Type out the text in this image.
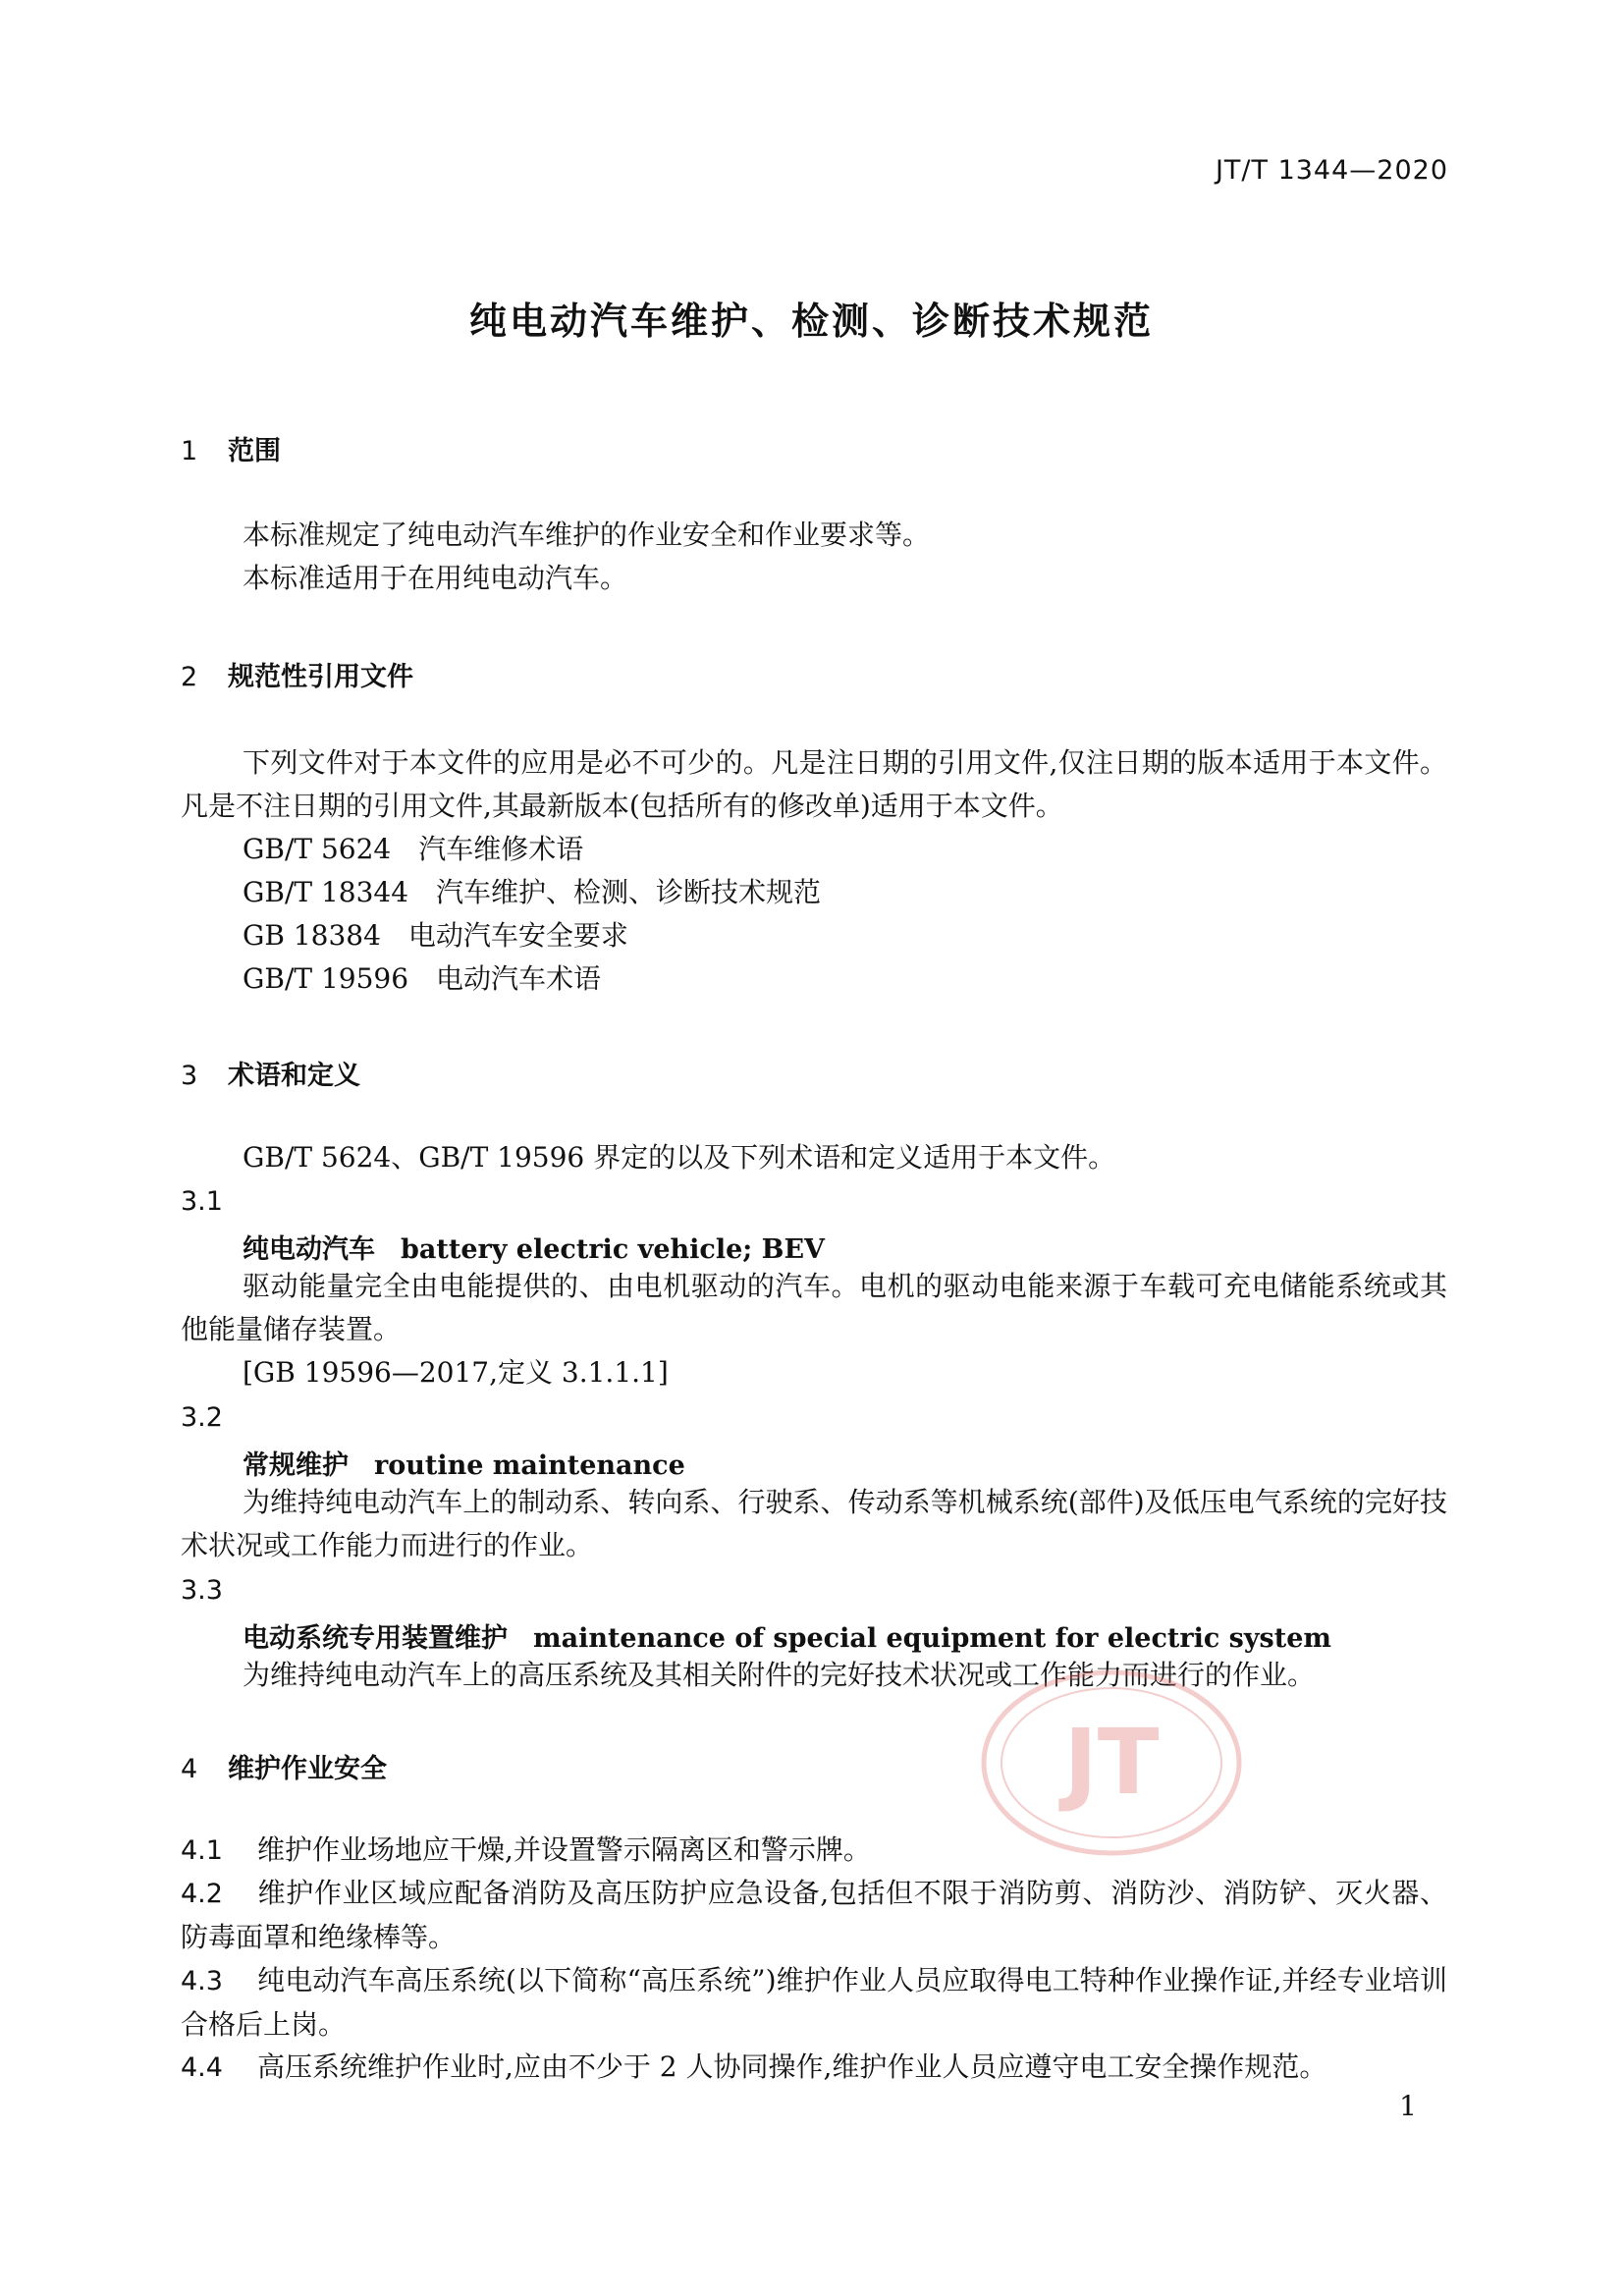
JT/T 1344—2020
纯电动汽车维护、检测、诊断技术规范
1 范围
本标准规定了纯电动汽车维护的作业安全和作业要求等。
本标准适用于在用纯电动汽车。
2 规范性引用文件
下列文件对于本文件的应用是必不可少的。凡是注日期的引用文件,仅注日期的版本适用于本文件。凡是不注日期的引用文件,其最新版本(包括所有的修改单)适用于本文件。
GB/T 5624 汽车维修术语
GB/T 18344 汽车维护、检测、诊断技术规范
GB 18384 电动汽车安全要求
GB/T 19596 电动汽车术语
3 术语和定义
GB/T 5624、GB/T 19596 界定的以及下列术语和定义适用于本文件。
3.1
纯电动汽车 battery electric vehicle; BEV
驱动能量完全由电能提供的、由电机驱动的汽车。电机的驱动电能来源于车载可充电储能系统或其他能量储存装置。
[GB 19596—2017,定义 3.1.1.1]
3.2
常规维护 routine maintenance
为维持纯电动汽车上的制动系、转向系、行驶系、传动系等机械系统(部件)及低压电气系统的完好技术状况或工作能力而进行的作业。
3.3
电动系统专用装置维护 maintenance of special equipment for electric system
为维持纯电动汽车上的高压系统及其相关附件的完好技术状况或工作能力而进行的作业。
4 维护作业安全
4.1 维护作业场地应干燥,并设置警示隔离区和警示牌。
4.2 维护作业区域应配备消防及高压防护应急设备,包括但不限于消防剪、消防沙、消防铲、灭火器、防毒面罩和绝缘棒等。
4.3 纯电动汽车高压系统(以下简称“高压系统”)维护作业人员应取得电工特种作业操作证,并经专业培训合格后上岗。
4.4 高压系统维护作业时,应由不少于 2 人协同操作,维护作业人员应遵守电工安全操作规范。
JT
1
